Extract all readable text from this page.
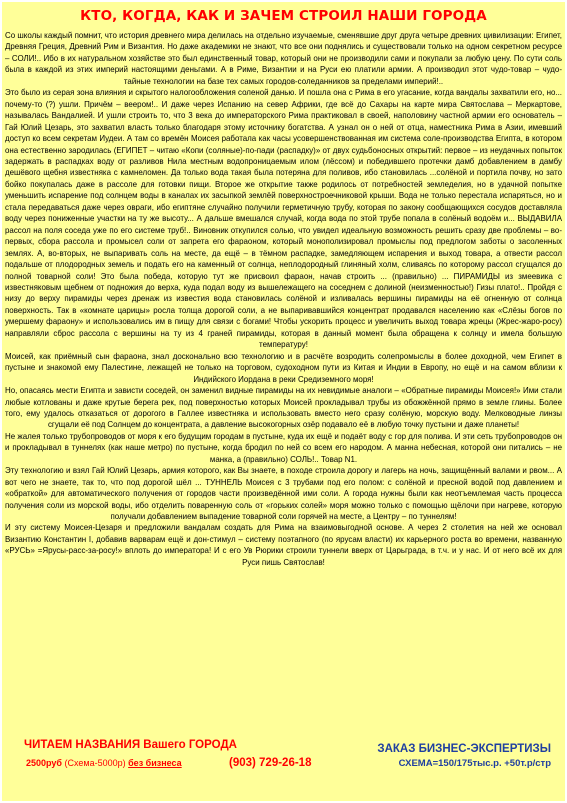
КТО, КОГДА, КАК И ЗАЧЕМ СТРОИЛ НАШИ ГОРОДА

Со школы каждый помнит, что история древнего мира делилась на отдельно изучаемые, сменявшие друг друга четыре древних цивилизации: Египет, Древняя Греция, Древний Рим и Византия. Но даже академики не знают, что все они поднялись и существовали только на одном секретном ресурсе – СОЛИ!.. Ибо в их натуральном хозяйстве это был единственный товар, который они не производили сами и покупали за любую цену. По сути соль была в каждой из этих империй настоящими деньгами. А в Риме, Византии и на Руси ею платили армии. А производил этот чудо-товар – чудо-тайные технологии на базе тех самых городов-соледанников за пределами империй!..

Это было из серая зона влияния и скрытого налогообложения соленой данью. И пошла она с Рима в его угасание, когда вандалы захватили его, но... почему-то (?) ушли. Причём – веером!.. И даже через Испанию на север Африки, где всё до Сахары на карте мира Святослава – Меркартове, называлась Вандалией. И ушли строить то, что 3 века до императорского Рима практиковал в своей, наполовину частной армии его основатель – Гай Юлий Цезарь, это захватил власть только благодаря этому источнику богатства. А узнал он о ней от отца, наместника Рима в Азии, имевший доступ ко всем секретам Иудеи. А там со времён Моисея работала как часы усовершенствованная им система соле-производства Египта, в котором она естественно зародилась (ЕГИПЕТ – читаю «Копи (соляные)-по-пади (распадку)» от двух судьбоносных открытий: первое – из неудачных попыток задержать в распадках воду от разливов Нила местным водопроницаемым илом (лёссом) и победившего протечки дамб добавлением в дамбу дешёвого щебня известняка с камнеломен. Да только вода такая была потеряна для поливов, ибо становилась ...солёной и портила почву, но зато бойко покупалась даже в рассоле для готовки пищи. Второе же открытие также родилось от потребностей земледелия, но в удачной попытке уменьшить испарение под солнцем воды в каналах их засыпкой землёй поверхностроечниковой крыши. Вода не только перестала испаряться, но и стала передаваться даже через овраги, ибо египтяне случайно получили герметичную трубу, которая по закону сообщающихся сосудов доставляла воду через пониженные участки на ту же высоту... А дальше вмешался случай, когда вода по этой трубе попала в солёный водоём и... ВЫДАВИЛА рассол на поля соседа уже по его системе труб!.. Виновник откупился солью, что увидел идеальную возможность решить сразу две проблемы – во-первых, сбора рассола и промысел соли от запрета его фараоном, который монополизировал промыслы под предлогом заботы о засоленных землях. А, во-вторых, не выпаривать соль на месте, да ещё – в тёмном распадке, замедляющем испарения и выход товара, а отвести рассол подальше от плодородных земель и подать его на каменный от солнца, неплодородный глиняный холм, сливаясь по которому рассол сгущался до полной товарной соли! Это была победа, которую тут же присвоил фараон, начав строить ... (правильно) ... ПИРАМИДЫ из змеевика с известняковым щебнем от подножия до верха, куда подал воду из вышележащего на соседнем с долиной (неизменностью!) Гизы плато!.. Пройдя с низу до верху пирамиды через дренаж из известия вода становилась солёной и изливалась вершины пирамиды на её огненную от солнца поверхность. Так в «комнате царицы» росла толща дорогой соли, а не выпаривавшийся концентрат продавался населению как «Слёзы богов по умершему фараону» и использовались им в пищу для связи с богами! Чтобы ускорить процесс и увеличить выход товара жрецы (Жрес-жаро-росу) направляли сброс рассола с вершины на ту из 4 граней пирамиды, которая в данный момент была обращена к солнцу и имела большую температуру!

Моисей, как приёмный сын фараона, знал досконально всю технологию и в расчёте возродить солепромыслы в более доходной, чем Египет в пустыне и знакомой ему Палестине, лежащей не только на торговом, судоходном пути из Китая и Индии в Европу, но ещё и на самом вблизи к Индийского Иордана в реки Средиземного моря!

Но, опасаясь мести Египта и зависти соседей, он заменил видные пирамиды на их невидимые аналоги – «Обратные пирамиды Моисея!» Ими стали любые котлованы и даже крутые берега рек, под поверхностью которых Моисей прокладывал трубы из обожжённой прямо в земле глины. Более того, ему удалось отказаться от дорогого в Галлее известняка и использовать вместо него сразу солёную, морскую воду. Мелководные линзы сгущали её под Солнцем до концентрата, а давление высокогорных озёр подавало её в любую точку пустыни и даже планеты!

Не жалея только трубопроводов от моря к его будущим городам в пустыне, куда их ещё и подаёт воду с гор для полива. И эти сеть трубопроводов он и прокладывал в туннелях (как наше метро) по пустыне, когда бродил по ней со всем его народом. А манна небесная, которой они питались – не манка, а (правильно) СОЛЬ!.. Товар N1.

Эту технологию и взял Гай Юлий Цезарь, армия которого, как Вы знаете, в походе строила дорогу и лагерь на ночь, защищённый валами и рвом... А вот чего не знаете, так то, что под дорогой шёл ... ТУННЕЛЬ Моисея с 3 трубами под его полом: с солёной и пресной водой под давлением и «обраткой» для автоматического получения от городов части произведённой ими соли. А города нужны были как неотъемлемая часть процесса получения соли из морской воды, ибо отделить поваренную соль от «горьких солей» моря можно только с помощью щёлочи при нагреве, которую получали добавлением выпадение товарной соли горячей на месте, а Центру – по туннелям!

И эту систему Моисея-Цезаря и предложили вандалам создать для Рима на взаимовыгодной основе. А через 2 столетия на ней же основал Византию Константин I, добавив варварам ещё и дон-стимул – систему поэтапного (по ярусам власти) их карьерного роста во времени, названную «РУСЬ» =Ярусы-расс-за-росу!» вплоть до императора! И с его Ув Рюрики строили туннели вверх от Царьграда, в т.ч. и у нас. И от него всё их для Руси пишь Святослав!

ЧИТАЕМ НАЗВАНИЯ Вашего ГОРОДА
2500руб (Схема-5000р) без бизнеса	(903) 729-26-18
ЗАКАЗ БИЗНЕС-ЭКСПЕРТИЗЫ
СХЕМА=150/175тыс.р. +50т.р/стр
